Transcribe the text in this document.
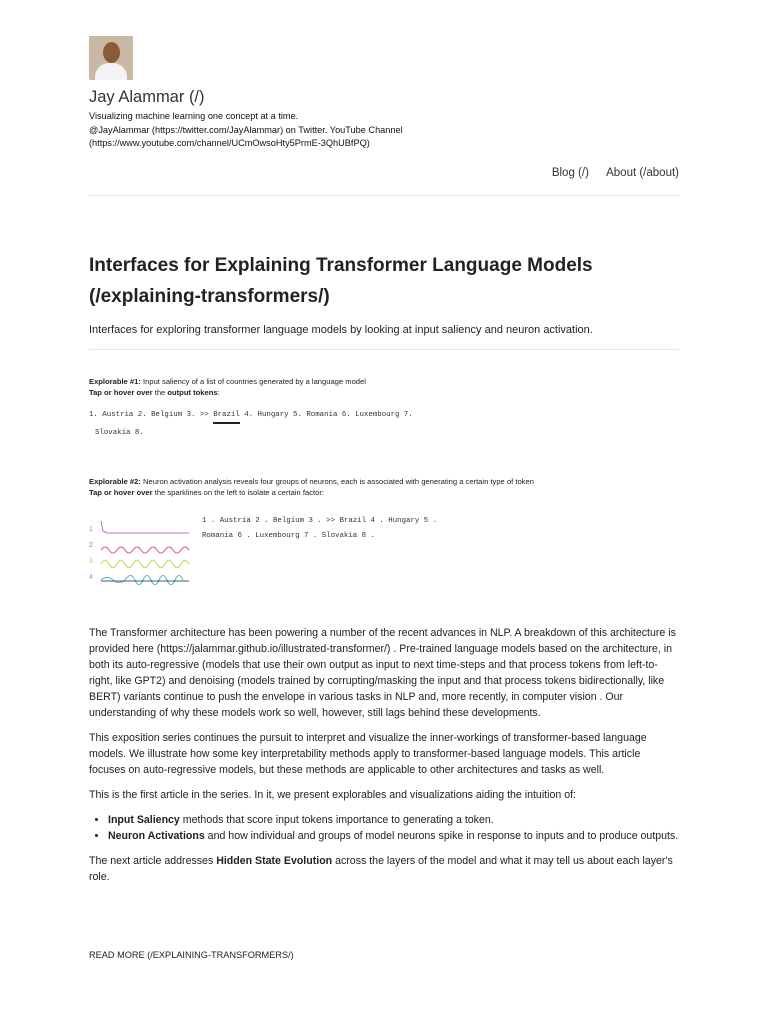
Jay Alammar (/)
Visualizing machine learning one concept at a time.
@JayAlammar (https://twitter.com/JayAlammar) on Twitter. YouTube Channel
(https://www.youtube.com/channel/UCmOwsoHty5PrmE-3QhUBfPQ)
Blog (/) About (/about)
Interfaces for Explaining Transformer Language Models (/explaining-transformers/)
Interfaces for exploring transformer language models by looking at input saliency and neuron activation.
Explorable #1: Input saliency of a list of countries generated by a language model
Tap or hover over the output tokens:
1. Austria 2. Belgium 3. >> Brazil 4. Hungary 5. Romania 6. Luxembourg 7.
Slovakia 8.
Explorable #2: Neuron activation analysis reveals four groups of neurons, each is associated with generating a certain type of token
Tap or hover over the sparklines on the left to isolate a certain factor:
1
2
3
4
1 . Austria 2 . Belgium 3 . >> Brazil 4 . Hungary 5 .
Romania 6 . Luxembourg 7 . Slovakia 8 .

The Transformer architecture has been powering a number of the recent advances in NLP. A breakdown of this architecture is provided here (https://jalammar.github.io/illustrated-transformer/) . Pre-trained language models based on the architecture, in both its auto-regressive (models that use their own output as input to next time-steps and that process tokens from left-to-right, like GPT2) and denoising (models trained by corrupting/masking the input and that process tokens bidirectionally, like BERT) variants continue to push the envelope in various tasks in NLP and, more recently, in computer vision . Our understanding of why these models work so well, however, still lags behind these developments.

This exposition series continues the pursuit to interpret and visualize the inner-workings of transformer-based language models. We illustrate how some key interpretability methods apply to transformer-based language models. This article focuses on auto-regressive models, but these methods are applicable to other architectures and tasks as well.

This is the first article in the series. In it, we present explorables and visualizations aiding the intuition of:

• Input Saliency methods that score input tokens importance to generating a token.
• Neuron Activations and how individual and groups of model neurons spike in response to inputs and to produce outputs.

The next article addresses Hidden State Evolution across the layers of the model and what it may tell us about each layer's role.

READ MORE (/EXPLAINING-TRANSFORMERS/)
